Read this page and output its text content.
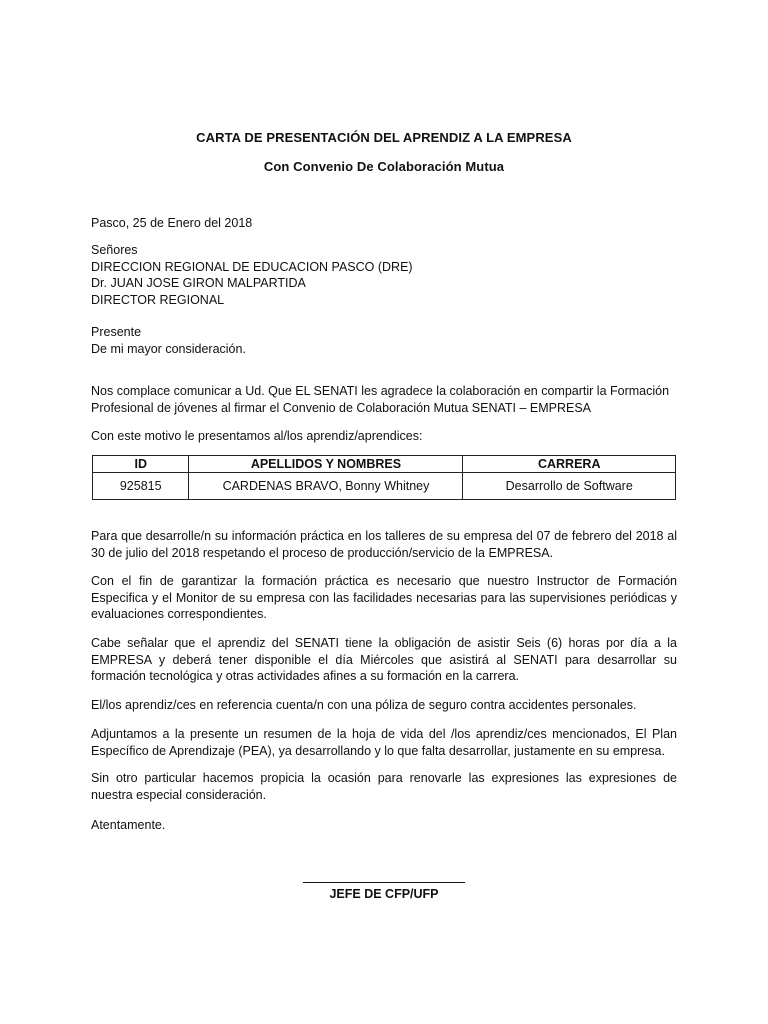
CARTA DE PRESENTACIÓN DEL APRENDIZ A LA EMPRESA
Con Convenio De Colaboración Mutua
Pasco, 25 de Enero del 2018
Señores
DIRECCION REGIONAL DE EDUCACION PASCO (DRE)
Dr. JUAN JOSE GIRON MALPARTIDA
DIRECTOR REGIONAL
Presente
De mi mayor consideración.
Nos complace comunicar a Ud. Que EL SENATI les agradece la colaboración en compartir la Formación
Profesional de jóvenes al firmar el Convenio de Colaboración Mutua SENATI – EMPRESA
Con este motivo le presentamos al/los aprendiz/aprendices:
ID	APELLIDOS Y NOMBRES	CARRERA
925815	CARDENAS BRAVO, Bonny Whitney	Desarrollo de Software
Para que desarrolle/n su información práctica en los talleres de su empresa del 07 de febrero del 2018 al 30 de julio del 2018 respetando el proceso de producción/servicio de la EMPRESA.
Con el fin de garantizar la formación práctica es necesario que nuestro Instructor de Formación Especifica y el Monitor de su empresa con las facilidades necesarias para las supervisiones periódicas y evaluaciones correspondientes.
Cabe señalar que el aprendiz del SENATI tiene la obligación de asistir Seis (6) horas por día a la EMPRESA y deberá tener disponible el día Miércoles que asistirá al SENATI para desarrollar su formación tecnológica y otras actividades afines a su formación en la carrera.
El/los aprendiz/ces en referencia cuenta/n con una póliza de seguro contra accidentes personales.
Adjuntamos a la presente un resumen de la hoja de vida del /los aprendiz/ces mencionados, El Plan Específico de Aprendizaje (PEA), ya desarrollando y lo que falta desarrollar, justamente en su empresa.
Sin otro particular hacemos propicia la ocasión para renovarle las expresiones las expresiones de nuestra especial consideración.
Atentamente.
JEFE DE CFP/UFP
